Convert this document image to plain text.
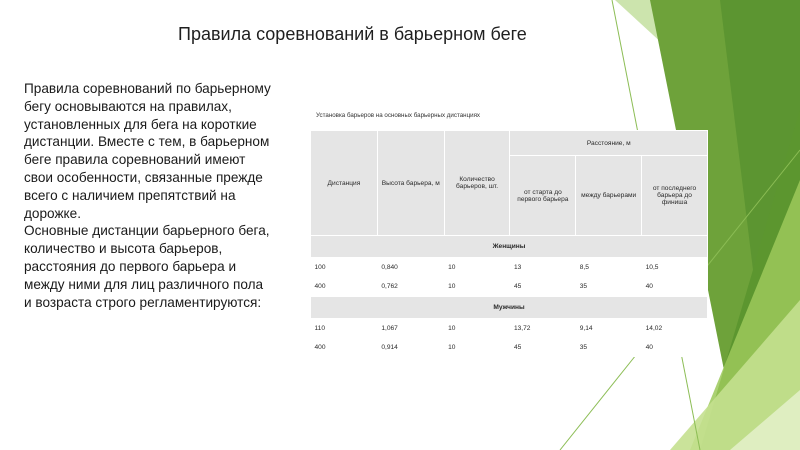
Правила соревнований в барьерном беге

Правила соревнований по барьерному бегу основываются на правилах, установленных для бега на короткие дистанции. Вместе с тем, в барьерном беге правила соревнований имеют свои особенности, связанные прежде всего с наличием препятствий на дорожке.

Основные дистанции барьерного бега, количество и высота барьеров, расстояния до первого барьера и между ними для лиц различного пола и возраста строго регламентируются:

Установка барьеров на основных барьерных дистанциях
Дистанция	Высота барьера, м	Количество барьеров, шт.	Расстояние, м		
			от старта до первого барьера	между барьерами	от последнего барьера до финиша
Женщины					
100	0,840	10	13	8,5	10,5
400	0,762	10	45	35	40
Мужчины					
110	1,067	10	13,72	9,14	14,02
400	0,914	10	45	35	40
